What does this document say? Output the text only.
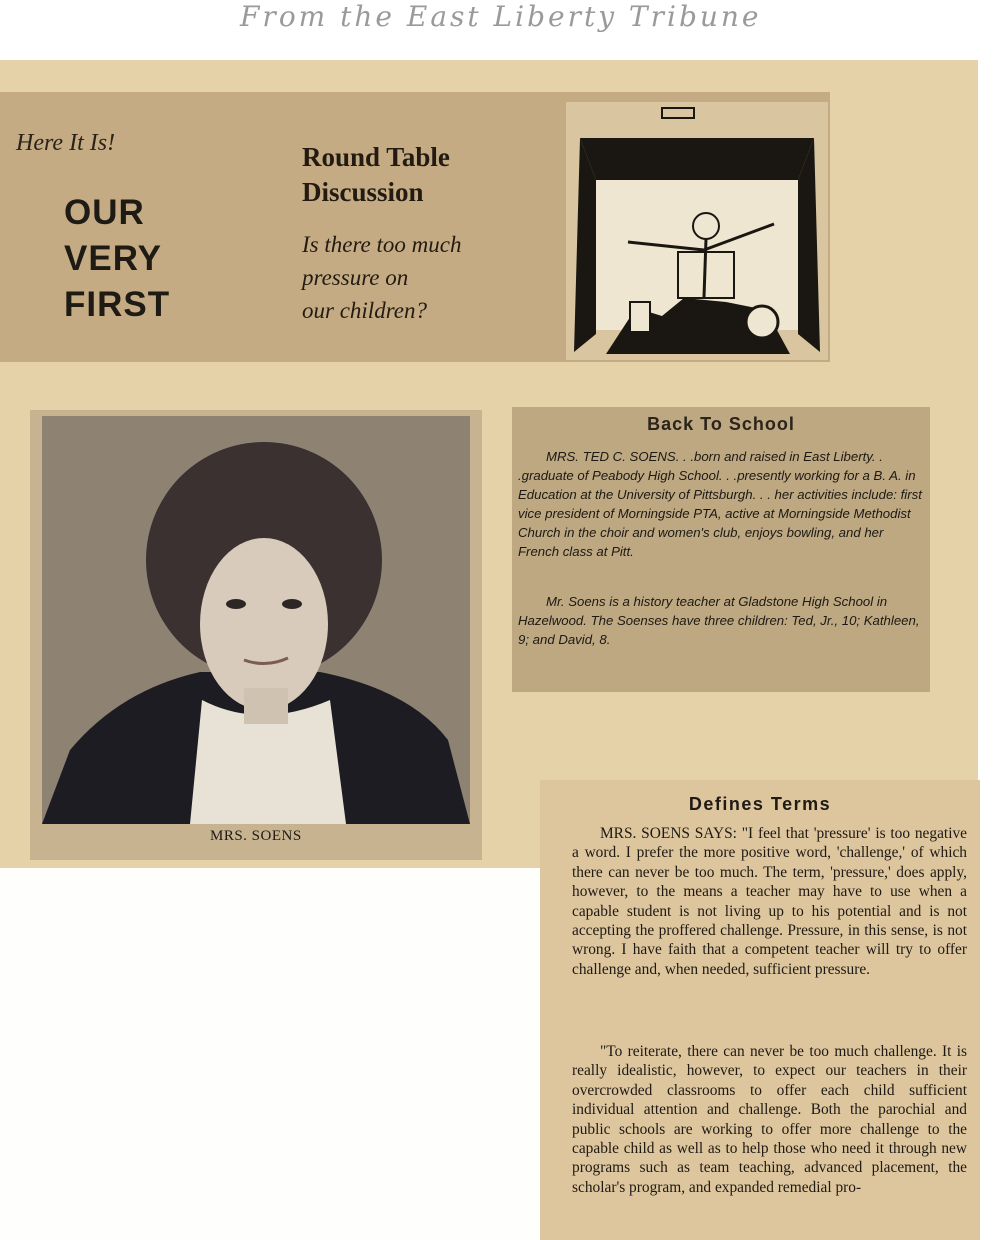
From the East Liberty Tribune
Here It Is!
OUR
VERY
FIRST
Round Table
Discussion
Is there too much
pressure on
our children?
MRS. SOENS
Back To School
MRS. TED C. SOENS. . .born and raised in East Liberty. . .graduate of Peabody High School. . .presently working for a B. A. in Education at the University of Pittsburgh. . . her activities include: first vice president of Morningside PTA, active at Morningside Methodist Church in the choir and women's club, enjoys bowling, and her French class at Pitt.
Mr. Soens is a history teacher at Gladstone High School in Hazelwood. The Soenses have three children: Ted, Jr., 10; Kathleen, 9; and David, 8.
Defines Terms
MRS. SOENS SAYS: "I feel that 'pressure' is too negative a word. I prefer the more positive word, 'challenge,' of which there can never be too much. The term, 'pressure,' does apply, however, to the means a teacher may have to use when a capable student is not living up to his potential and is not accepting the proffered challenge. Pressure, in this sense, is not wrong. I have faith that a competent teacher will try to offer challenge and, when needed, sufficient pressure.
"To reiterate, there can never be too much challenge. It is really idealistic, however, to expect our teachers in their overcrowded classrooms to offer each child sufficient individual attention and challenge. Both the parochial and public schools are working to offer more challenge to the capable child as well as to help those who need it through new programs such as team teaching, advanced placement, the scholar's program, and expanded remedial pro-
